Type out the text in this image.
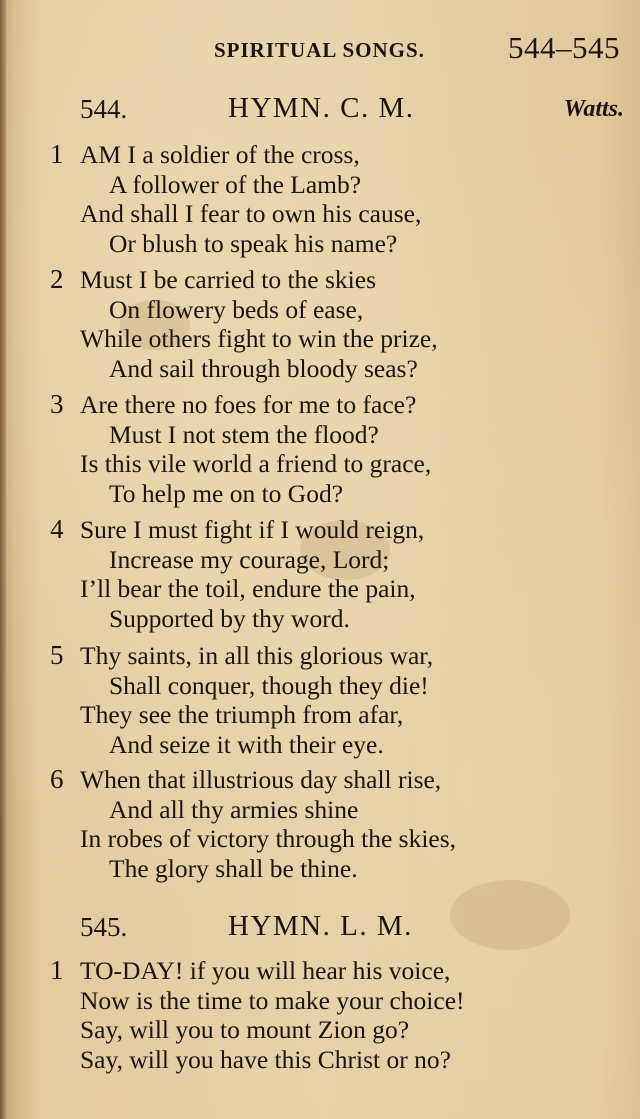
SPIRITUAL SONGS.	544–545
544.	HYMN. C. M.	Watts.
1 AM I a soldier of the cross,
A follower of the Lamb?
And shall I fear to own his cause,
Or blush to speak his name?
2 Must I be carried to the skies
On flowery beds of ease,
While others fight to win the prize,
And sail through bloody seas?
3 Are there no foes for me to face?
Must I not stem the flood?
Is this vile world a friend to grace,
To help me on to God?
4 Sure I must fight if I would reign,
Increase my courage, Lord;
I’ll bear the toil, endure the pain,
Supported by thy word.
5 Thy saints, in all this glorious war,
Shall conquer, though they die!
They see the triumph from afar,
And seize it with their eye.
6 When that illustrious day shall rise,
And all thy armies shine
In robes of victory through the skies,
The glory shall be thine.
545.	HYMN. L. M.
1 TO-DAY! if you will hear his voice,
Now is the time to make your choice!
Say, will you to mount Zion go?
Say, will you have this Christ or no?
